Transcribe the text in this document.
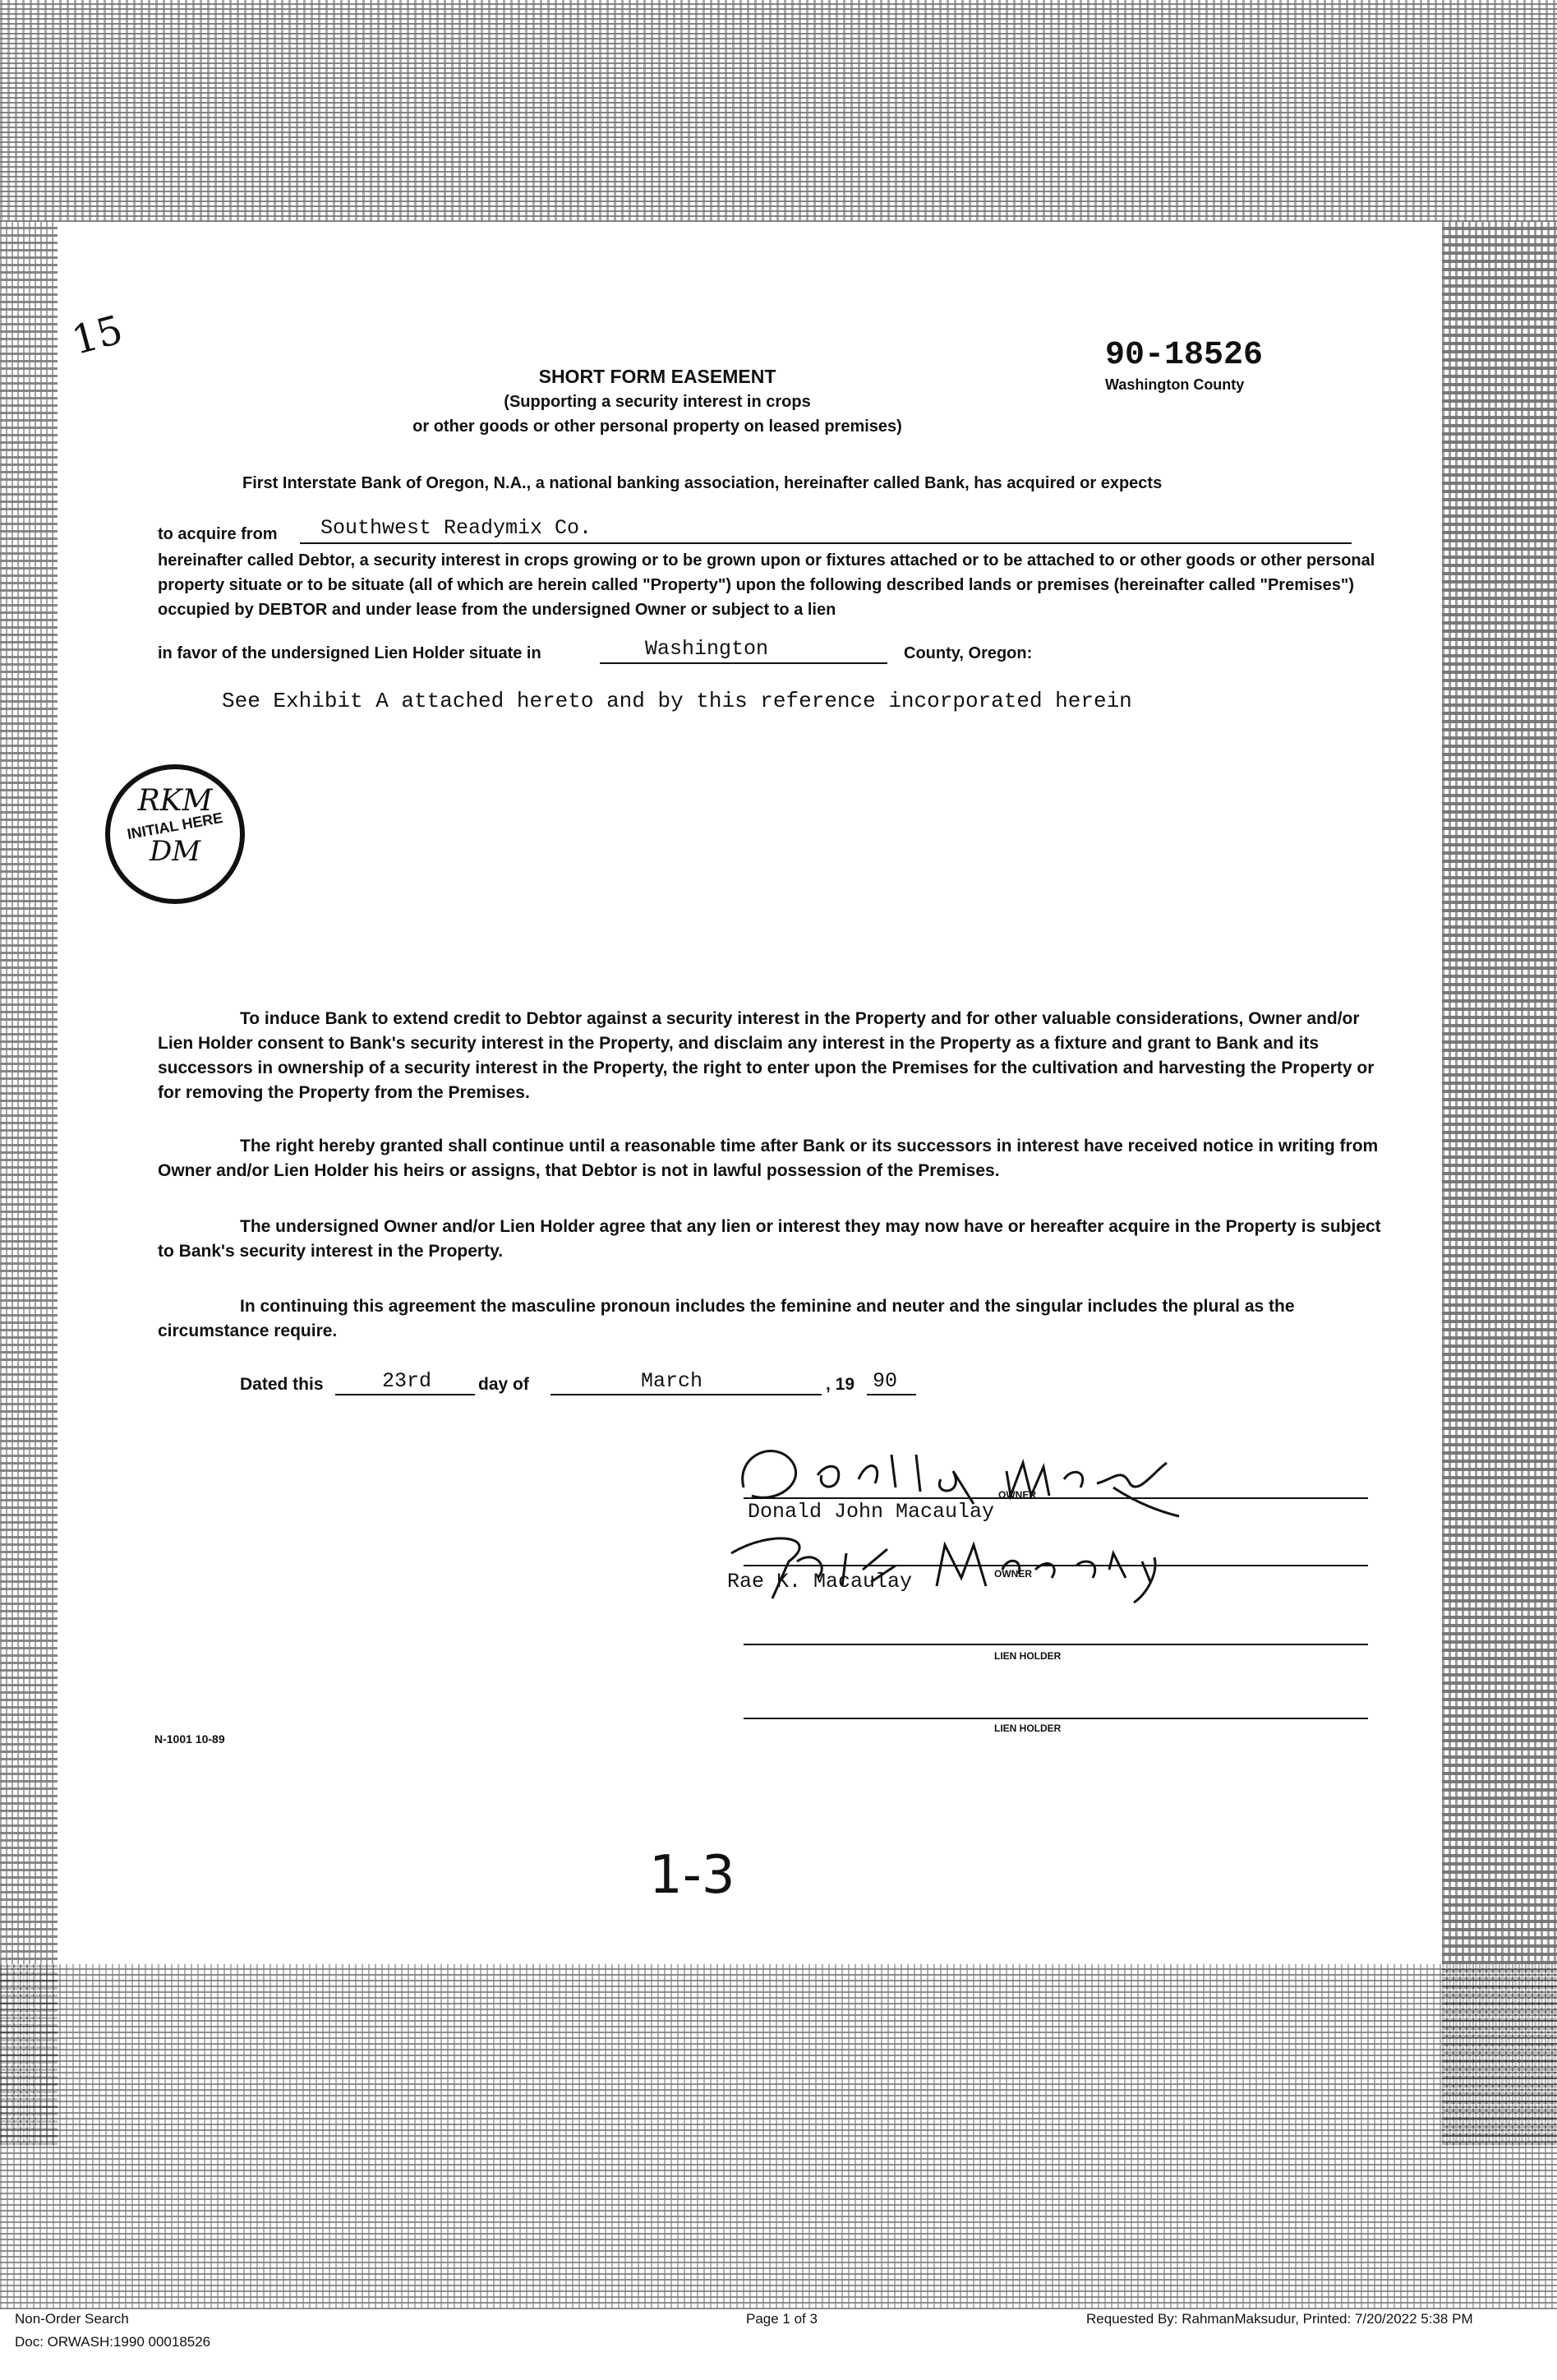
15	90-18526
Washington County
SHORT FORM EASEMENT
(Supporting a security interest in crops
or other goods or other personal property on leased premises)
First Interstate Bank of Oregon, N.A., a national banking association, hereinafter called Bank, has acquired or expects
to acquire from Southwest Readymix Co.
hereinafter called Debtor, a security interest in crops growing or to be grown upon or fixtures attached or to be attached to or other goods or other personal property situate or to be situate (all of which are herein called "Property") upon the following described lands or premises (hereinafter called "Premises") occupied by DEBTOR and under lease from the undersigned Owner or subject to a lien
in favor of the undersigned Lien Holder situate in	Washington	County, Oregon:
See Exhibit A attached hereto and by this reference incorporated herein
RKM
INITIAL HERE
DM
To induce Bank to extend credit to Debtor against a security interest in the Property and for other valuable considerations, Owner and/or Lien Holder consent to Bank's security interest in the Property, and disclaim any interest in the Property as a fixture and grant to Bank and its successors in ownership of a security interest in the Property, the right to enter upon the Premises for the cultivation and harvesting the Property or for removing the Property from the Premises.
The right hereby granted shall continue until a reasonable time after Bank or its successors in interest have received notice in writing from Owner and/or Lien Holder his heirs or assigns, that Debtor is not in lawful possession of the Premises.
The undersigned Owner and/or Lien Holder agree that any lien or interest they may now have or hereafter acquire in the Property is subject to Bank's security interest in the Property.
In continuing this agreement the masculine pronoun includes the feminine and neuter and the singular includes the plural as the circumstance require.
Dated this	23rd	day of	March	, 19 90
Donald John Macaulay
OWNER
Rae K. Macaulay	OWNER
LIEN HOLDER
LIEN HOLDER
N-1001 10-89
1-3
Non-Order Search
Doc: ORWASH:1990 00018526
Page 1 of 3	Requested By: RahmanMaksudur, Printed: 7/20/2022 5:38 PM
